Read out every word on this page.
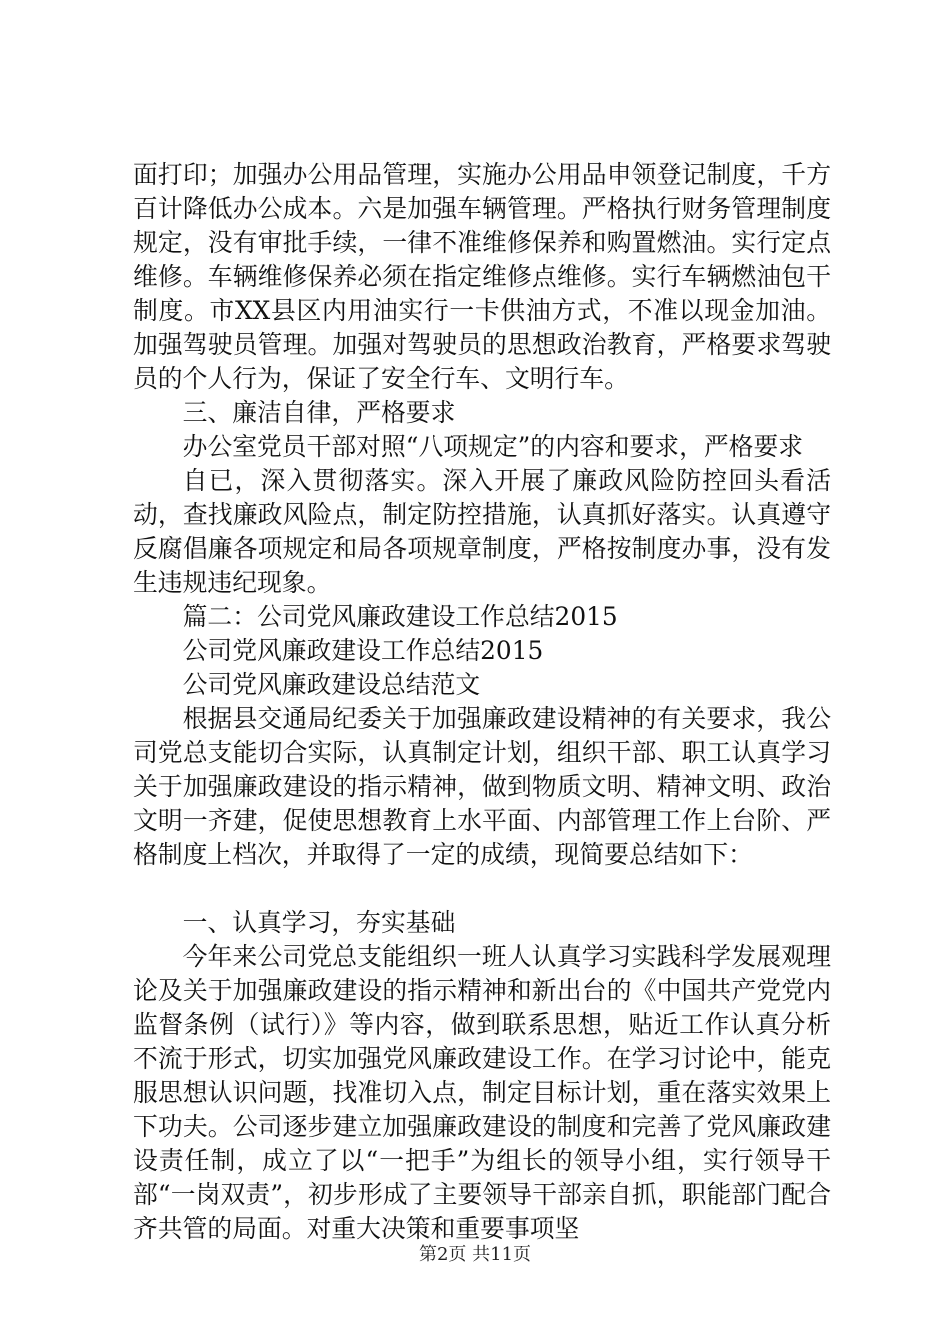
面打印；加强办公用品管理，实施办公用品申领登记制度，千方百计降低办公成本。六是加强车辆管理。严格执行财务管理制度规定，没有审批手续，一律不准维修保养和购置燃油。实行定点维修。车辆维修保养必须在指定维修点维修。实行车辆燃油包干制度。市XX县区内用油实行一卡供油方式，不准以现金加油。加强驾驶员管理。加强对驾驶员的思想政治教育，严格要求驾驶员的个人行为，保证了安全行车、文明行车。

三、廉洁自律，严格要求

办公室党员干部对照“八项规定”的内容和要求，严格要求

自已，深入贯彻落实。深入开展了廉政风险防控回头看活动，查找廉政风险点，制定防控措施，认真抓好落实。认真遵守反腐倡廉各项规定和局各项规章制度，严格按制度办事，没有发生违规违纪现象。

篇二：公司党风廉政建设工作总结2015

公司党风廉政建设工作总结2015

公司党风廉政建设总结范文

根据县交通局纪委关于加强廉政建设精神的有关要求，我公司党总支能切合实际，认真制定计划，组织干部、职工认真学习关于加强廉政建设的指示精神，做到物质文明、精神文明、政治文明一齐建，促使思想教育上水平面、内部管理工作上台阶、严格制度上档次，并取得了一定的成绩，现简要总结如下：

一、认真学习，夯实基础

今年来公司党总支能组织一班人认真学习实践科学发展观理论及关于加强廉政建设的指示精神和新出台的《中国共产党党内监督条例（试行）》等内容，做到联系思想，贴近工作认真分析不流于形式，切实加强党风廉政建设工作。在学习讨论中，能克服思想认识问题，找准切入点，制定目标计划，重在落实效果上下功夫。公司逐步建立加强廉政建设的制度和完善了党风廉政建设责任制，成立了以“一把手”为组长的领导小组，实行领导干部“一岗双责”，初步形成了主要领导干部亲自抓，职能部门配合齐共管的局面。对重大决策和重要事项坚

第2页 共11页
